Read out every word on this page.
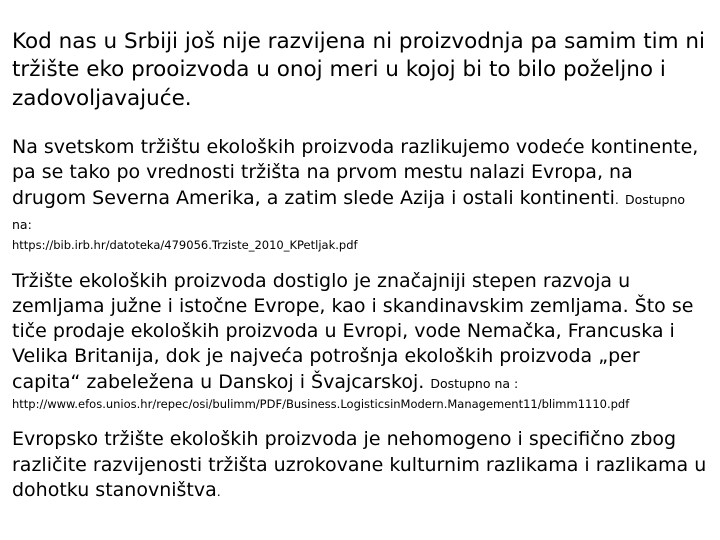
Kod nas u Srbiji još nije razvijena ni proizvodnja pa samim tim ni tržište eko prooizvoda u onoj meri u kojoj bi to bilo poželjno i zadovoljavajuće.

Na svetskom tržištu ekoloških proizvoda razlikujemo vodeće kontinente, pa se tako po vrednosti tržišta na prvom mestu nalazi Evropa, na drugom Severna Amerika, a zatim slede Azija i ostali kontinenti. Dostupno na:

https://bib.irb.hr/datoteka/479056.Trziste_2010_KPetljak.pdf

Tržište ekoloških proizvoda dostiglo je značajniji stepen razvoja u zemljama južne i istočne Evrope, kao i skandinavskim zemljama. Što se tiče prodaje ekoloških proizvoda u Evropi, vode Nemačka, Francuska i Velika Britanija, dok je najveća potrošnja ekoloških proizvoda „per capita“ zabeležena u Danskoj i Švajcarskoj. Dostupno na :

http://www.efos.unios.hr/repec/osi/bulimm/PDF/Business.LogisticsinModern.Management11/blimm1110.pdf

Evropsko tržište ekoloških proizvoda je nehomogeno i specifično zbog različite razvijenosti tržišta uzrokovane kulturnim razlikama i razlikama u dohotku stanovništva.
